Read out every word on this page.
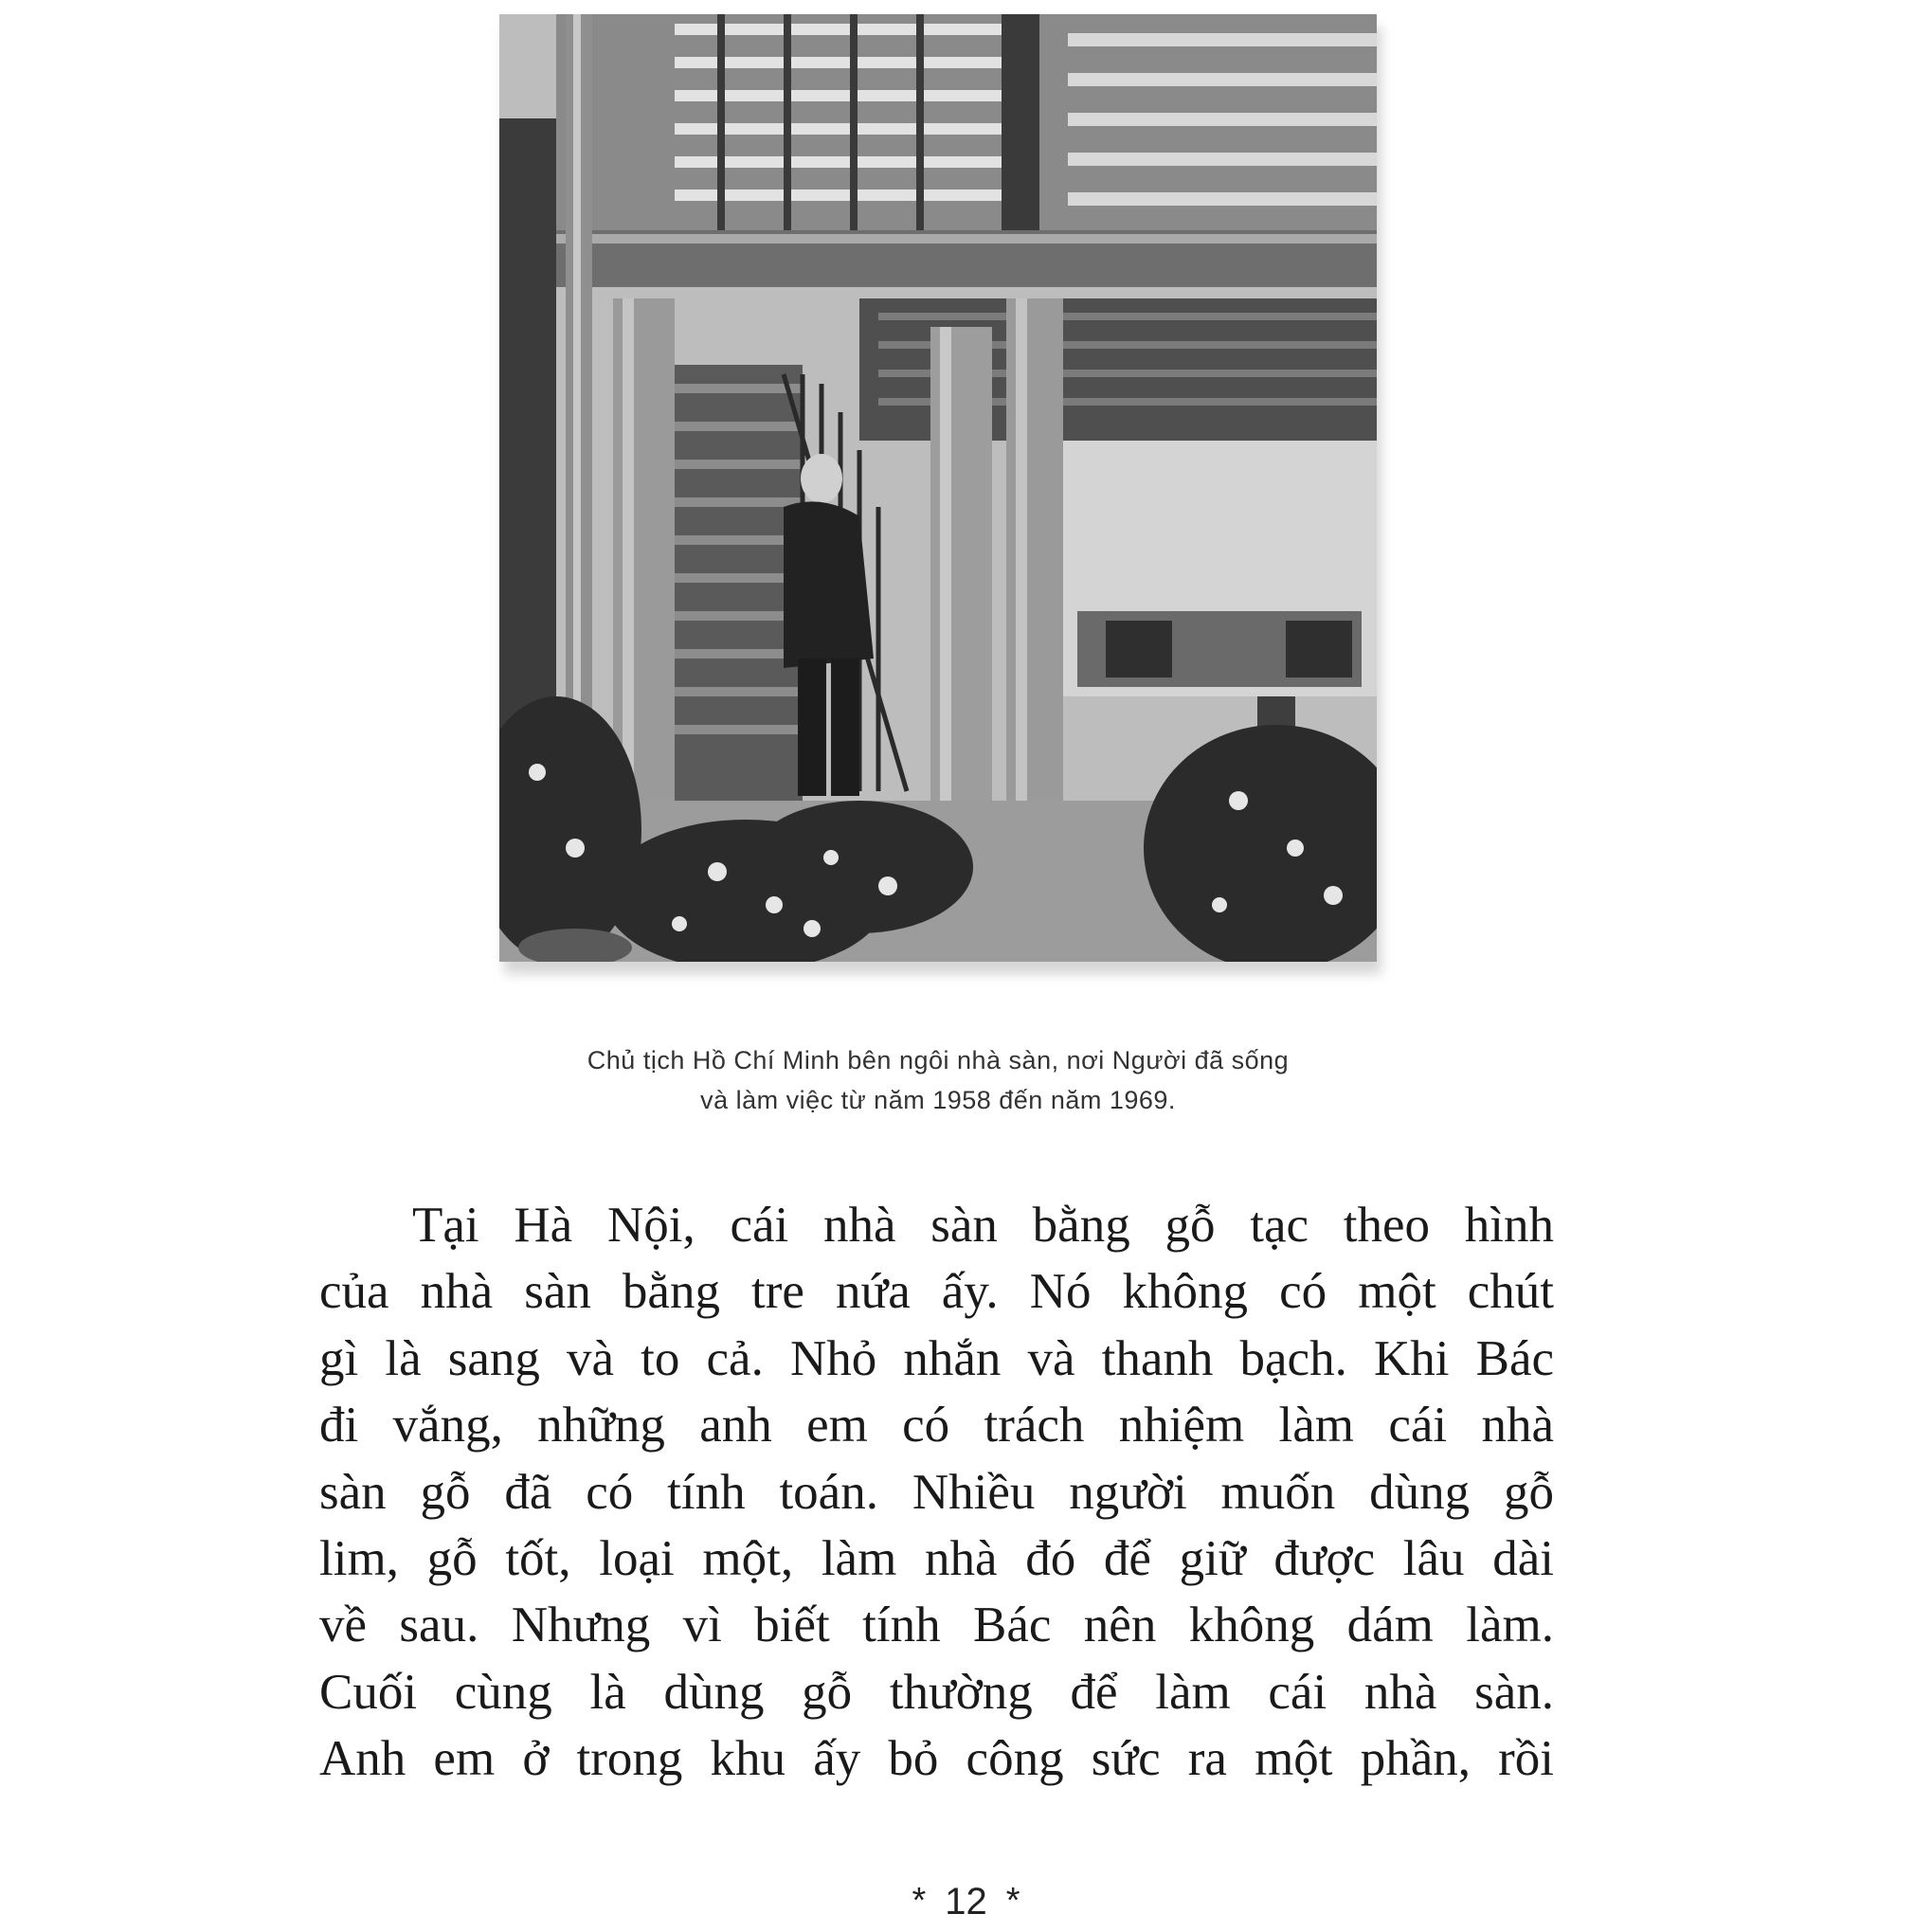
Chủ tịch Hồ Chí Minh bên ngôi nhà sàn, nơi Người đã sống
và làm việc từ năm 1958 đến năm 1969.
Tại Hà Nội, cái nhà sàn bằng gỗ tạc theo hình
của nhà sàn bằng tre nứa ấy. Nó không có một chút
gì là sang và to cả. Nhỏ nhắn và thanh bạch. Khi Bác
đi vắng, những anh em có trách nhiệm làm cái nhà
sàn gỗ đã có tính toán. Nhiều người muốn dùng gỗ
lim, gỗ tốt, loại một, làm nhà đó để giữ được lâu dài
về sau. Nhưng vì biết tính Bác nên không dám làm.
Cuối cùng là dùng gỗ thường để làm cái nhà sàn.
Anh em ở trong khu ấy bỏ công sức ra một phần, rồi
* 12 *
